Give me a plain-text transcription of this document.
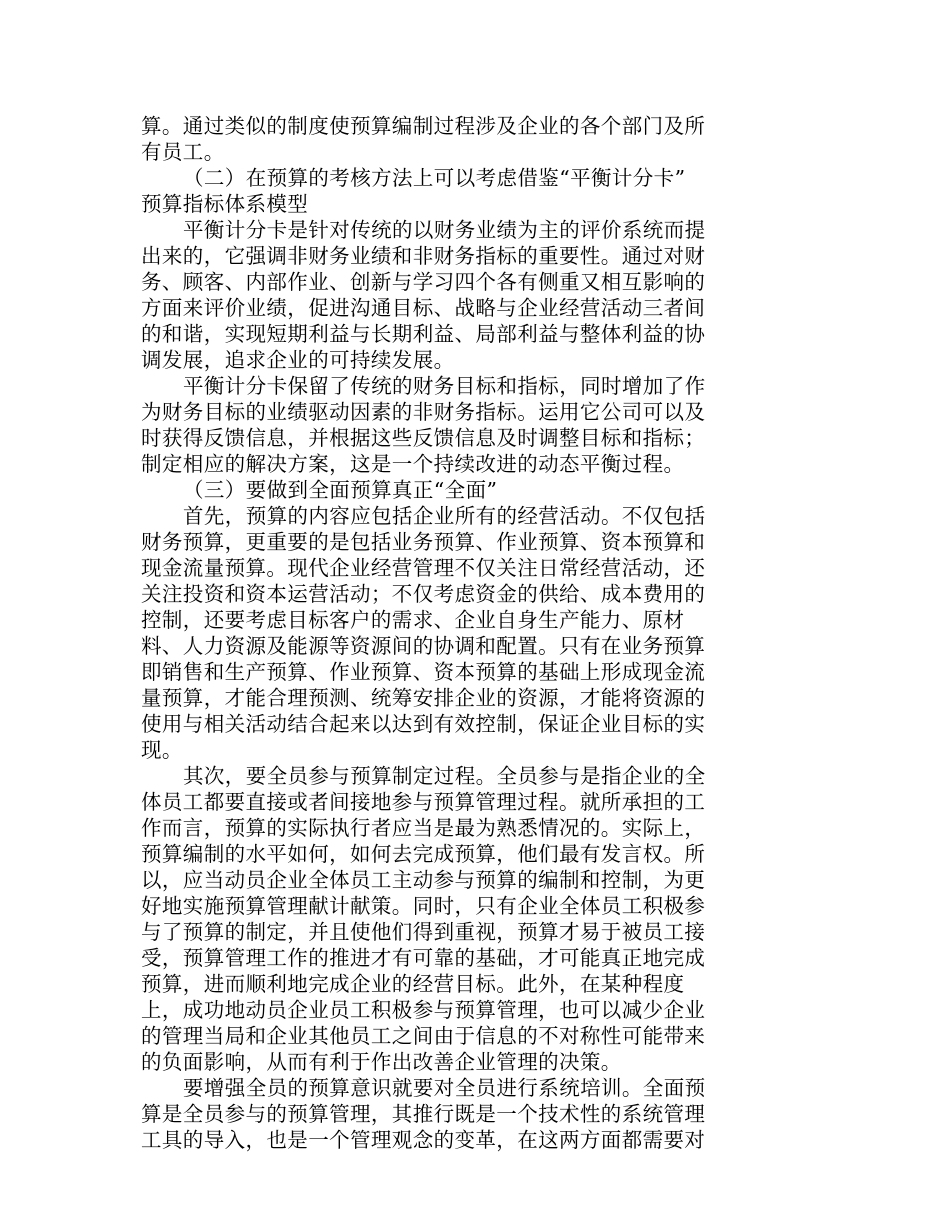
算。通过类似的制度使预算编制过程涉及企业的各个部门及所
有员工。
（二）在预算的考核方法上可以考虑借鉴“平衡计分卡”
预算指标体系模型
平衡计分卡是针对传统的以财务业绩为主的评价系统而提
出来的，它强调非财务业绩和非财务指标的重要性。通过对财
务、顾客、内部作业、创新与学习四个各有侧重又相互影响的
方面来评价业绩，促进沟通目标、战略与企业经营活动三者间
的和谐，实现短期利益与长期利益、局部利益与整体利益的协
调发展，追求企业的可持续发展。
平衡计分卡保留了传统的财务目标和指标，同时增加了作
为财务目标的业绩驱动因素的非财务指标。运用它公司可以及
时获得反馈信息，并根据这些反馈信息及时调整目标和指标；
制定相应的解决方案，这是一个持续改进的动态平衡过程。
（三）要做到全面预算真正“全面”
首先，预算的内容应包括企业所有的经营活动。不仅包括
财务预算，更重要的是包括业务预算、作业预算、资本预算和
现金流量预算。现代企业经营管理不仅关注日常经营活动，还
关注投资和资本运营活动；不仅考虑资金的供给、成本费用的
控制，还要考虑目标客户的需求、企业自身生产能力、原材
料、人力资源及能源等资源间的协调和配置。只有在业务预算
即销售和生产预算、作业预算、资本预算的基础上形成现金流
量预算，才能合理预测、统筹安排企业的资源，才能将资源的
使用与相关活动结合起来以达到有效控制，保证企业目标的实
现。
其次，要全员参与预算制定过程。全员参与是指企业的全
体员工都要直接或者间接地参与预算管理过程。就所承担的工
作而言，预算的实际执行者应当是最为熟悉情况的。实际上，
预算编制的水平如何，如何去完成预算，他们最有发言权。所
以，应当动员企业全体员工主动参与预算的编制和控制，为更
好地实施预算管理献计献策。同时，只有企业全体员工积极参
与了预算的制定，并且使他们得到重视，预算才易于被员工接
受，预算管理工作的推进才有可靠的基础，才可能真正地完成
预算，进而顺利地完成企业的经营目标。此外，在某种程度
上，成功地动员企业员工积极参与预算管理，也可以减少企业
的管理当局和企业其他员工之间由于信息的不对称性可能带来
的负面影响，从而有利于作出改善企业管理的决策。
要增强全员的预算意识就要对全员进行系统培训。全面预
算是全员参与的预算管理，其推行既是一个技术性的系统管理
工具的导入，也是一个管理观念的变革，在这两方面都需要对
